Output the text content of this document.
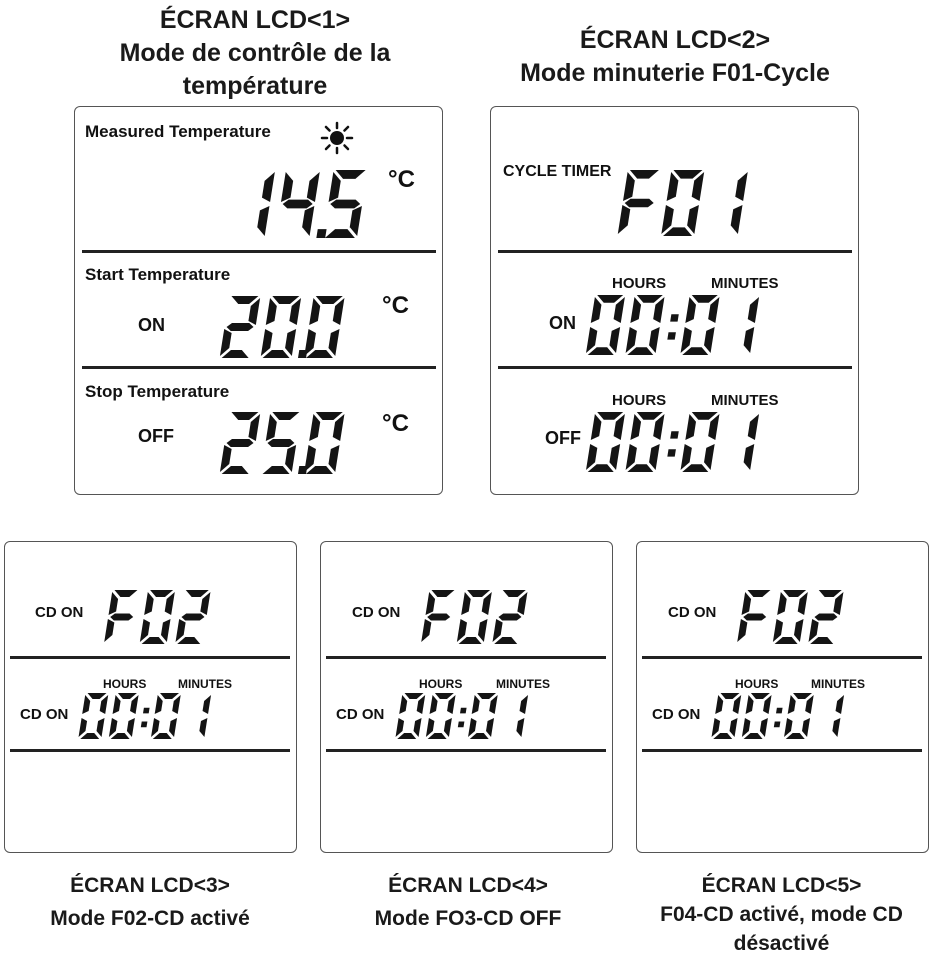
ÉCRAN LCD<1>
Mode de contrôle de la
température
ÉCRAN LCD<2>
Mode minuterie F01-Cycle
Measured Temperature
°C
Start Temperature
ON
°C
Stop Temperature
OFF	°C
CYCLE TIMER
HOURS	MINUTES
ON
HOURS	MINUTES
OFF
CD ON
HOURS	MINUTES
CD ON
CD ON
HOURS	MINUTES
CD ON
CD ON
HOURS	MINUTES
CD ON
ÉCRAN LCD<3>
Mode F02-CD activé
ÉCRAN LCD<4>
Mode FO3-CD OFF
ÉCRAN LCD<5>
F04-CD activé, mode CD
désactivé
